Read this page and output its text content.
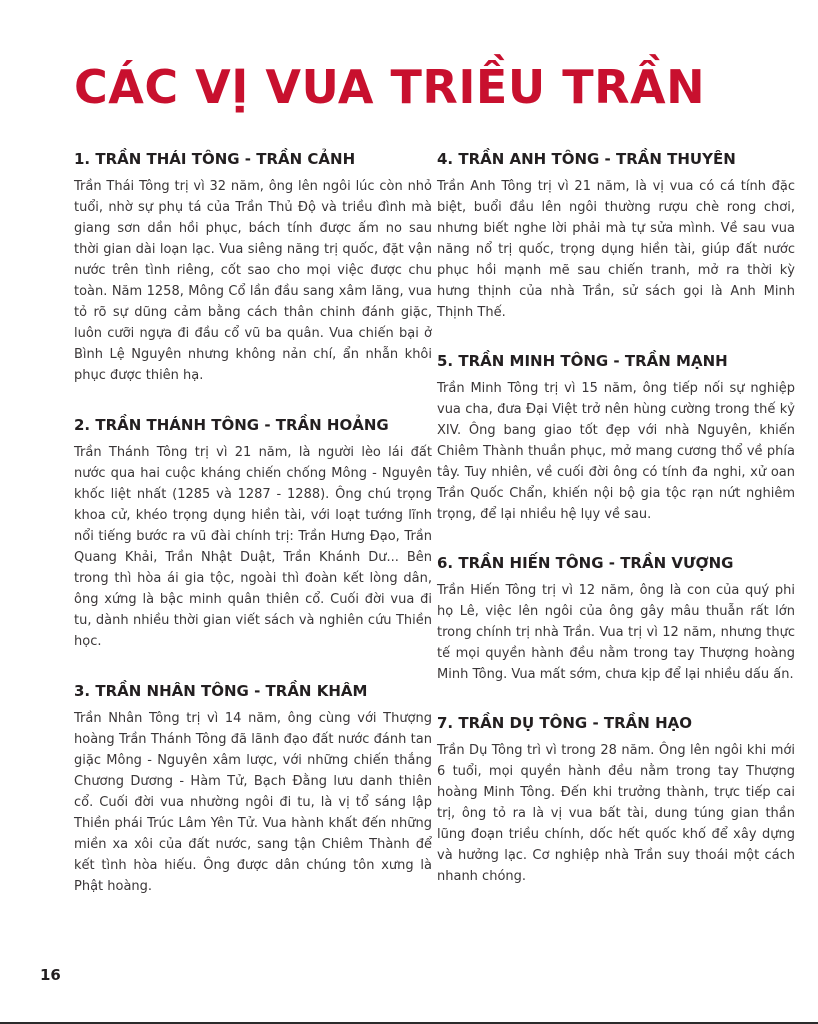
CÁC VỊ VUA TRIỀU TRẦN
1. TRẦN THÁI TÔNG - TRẦN CẢNH

Trần Thái Tông trị vì 32 năm, ông lên ngôi lúc còn nhỏ tuổi, nhờ sự phụ tá của Trần Thủ Độ và triều đình mà giang sơn dần hồi phục, bách tính được ấm no sau thời gian dài loạn lạc. Vua siêng năng trị quốc, đặt vận nước trên tình riêng, cốt sao cho mọi việc được chu toàn. Năm 1258, Mông Cổ lần đầu sang xâm lăng, vua tỏ rõ sự dũng cảm bằng cách thân chinh đánh giặc, luôn cưỡi ngựa đi đầu cổ vũ ba quân. Vua chiến bại ở Bình Lệ Nguyên nhưng không nản chí, ẩn nhẫn khôi phục được thiên hạ.

2. TRẦN THÁNH TÔNG - TRẦN HOẢNG

Trần Thánh Tông trị vì 21 năm, là người lèo lái đất nước qua hai cuộc kháng chiến chống Mông - Nguyên khốc liệt nhất (1285 và 1287 - 1288). Ông chú trọng khoa cử, khéo trọng dụng hiền tài, với loạt tướng lĩnh nổi tiếng bước ra vũ đài chính trị: Trần Hưng Đạo, Trần Quang Khải, Trần Nhật Duật, Trần Khánh Dư... Bên trong thì hòa ái gia tộc, ngoài thì đoàn kết lòng dân, ông xứng là bậc minh quân thiên cổ. Cuối đời vua đi tu, dành nhiều thời gian viết sách và nghiên cứu Thiền học.

3. TRẦN NHÂN TÔNG - TRẦN KHÂM

Trần Nhân Tông trị vì 14 năm, ông cùng với Thượng hoàng Trần Thánh Tông đã lãnh đạo đất nước đánh tan giặc Mông - Nguyên xâm lược, với những chiến thắng Chương Dương - Hàm Tử, Bạch Đằng lưu danh thiên cổ. Cuối đời vua nhường ngôi đi tu, là vị tổ sáng lập Thiền phái Trúc Lâm Yên Tử. Vua hành khất đến những miền xa xôi của đất nước, sang tận Chiêm Thành để kết tình hòa hiếu. Ông được dân chúng tôn xưng là Phật hoàng.

4. TRẦN ANH TÔNG - TRẦN THUYÊN

Trần Anh Tông trị vì 21 năm, là vị vua có cá tính đặc biệt, buổi đầu lên ngôi thường rượu chè rong chơi, nhưng biết nghe lời phải mà tự sửa mình. Về sau vua năng nổ trị quốc, trọng dụng hiền tài, giúp đất nước phục hồi mạnh mẽ sau chiến tranh, mở ra thời kỳ hưng thịnh của nhà Trần, sử sách gọi là Anh Minh Thịnh Thế.

5. TRẦN MINH TÔNG - TRẦN MẠNH

Trần Minh Tông trị vì 15 năm, ông tiếp nối sự nghiệp vua cha, đưa Đại Việt trở nên hùng cường trong thế kỷ XIV. Ông bang giao tốt đẹp với nhà Nguyên, khiến Chiêm Thành thuần phục, mở mang cương thổ về phía tây. Tuy nhiên, về cuối đời ông có tính đa nghi, xử oan Trần Quốc Chẩn, khiến nội bộ gia tộc rạn nứt nghiêm trọng, để lại nhiều hệ lụy về sau.

6. TRẦN HIẾN TÔNG - TRẦN VƯỢNG

Trần Hiến Tông trị vì 12 năm, ông là con của quý phi họ Lê, việc lên ngôi của ông gây mâu thuẫn rất lớn trong chính trị nhà Trần. Vua trị vì 12 năm, nhưng thực tế mọi quyền hành đều nằm trong tay Thượng hoàng Minh Tông. Vua mất sớm, chưa kịp để lại nhiều dấu ấn.

7. TRẦN DỤ TÔNG - TRẦN HẠO

Trần Dụ Tông trì vì trong 28 năm. Ông lên ngôi khi mới 6 tuổi, mọi quyền hành đều nằm trong tay Thượng hoàng Minh Tông. Đến khi trưởng thành, trực tiếp cai trị, ông tỏ ra là vị vua bất tài, dung túng gian thần lũng đoạn triều chính, dốc hết quốc khố để xây dựng và hưởng lạc. Cơ nghiệp nhà Trần suy thoái một cách nhanh chóng.

16
